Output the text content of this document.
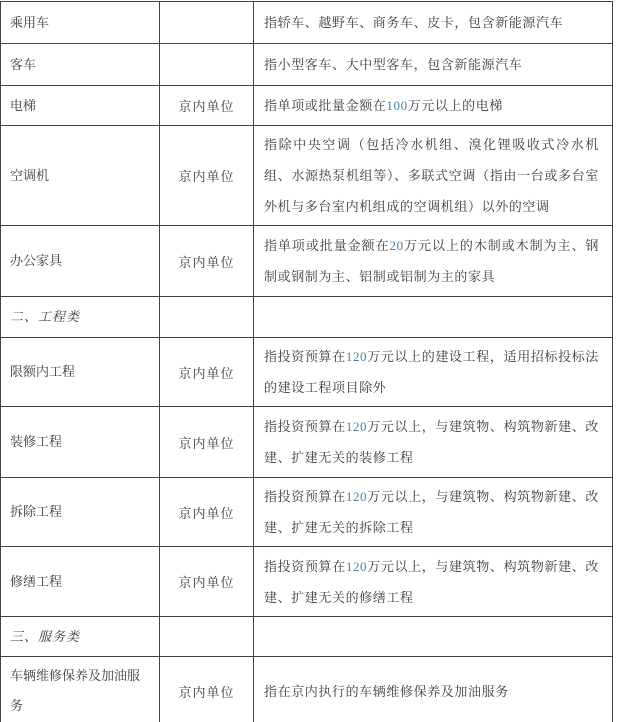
乘用车		指轿车、越野车、商务车、皮卡，包含新能源汽车
客车		指小型客车、大中型客车，包含新能源汽车
电梯	京内单位	指单项或批量金额在100万元以上的电梯
空调机	京内单位	指除中央空调（包括冷水机组、溴化锂吸收式冷水机组、水源热泵机组等）、多联式空调（指由一台或多台室外机与多台室内机组成的空调机组）以外的空调
办公家具	京内单位	指单项或批量金额在20万元以上的木制或木制为主、钢制或钢制为主、铝制或铝制为主的家具
二、工程类		
限额内工程	京内单位	指投资预算在120万元以上的建设工程，适用招标投标法的建设工程项目除外
装修工程	京内单位	指投资预算在120万元以上，与建筑物、构筑物新建、改建、扩建无关的装修工程
拆除工程	京内单位	指投资预算在120万元以上，与建筑物、构筑物新建、改建、扩建无关的拆除工程
修缮工程	京内单位	指投资预算在120万元以上，与建筑物、构筑物新建、改建、扩建无关的修缮工程
三、服务类		
车辆维修保养及加油服务	京内单位	指在京内执行的车辆维修保养及加油服务
